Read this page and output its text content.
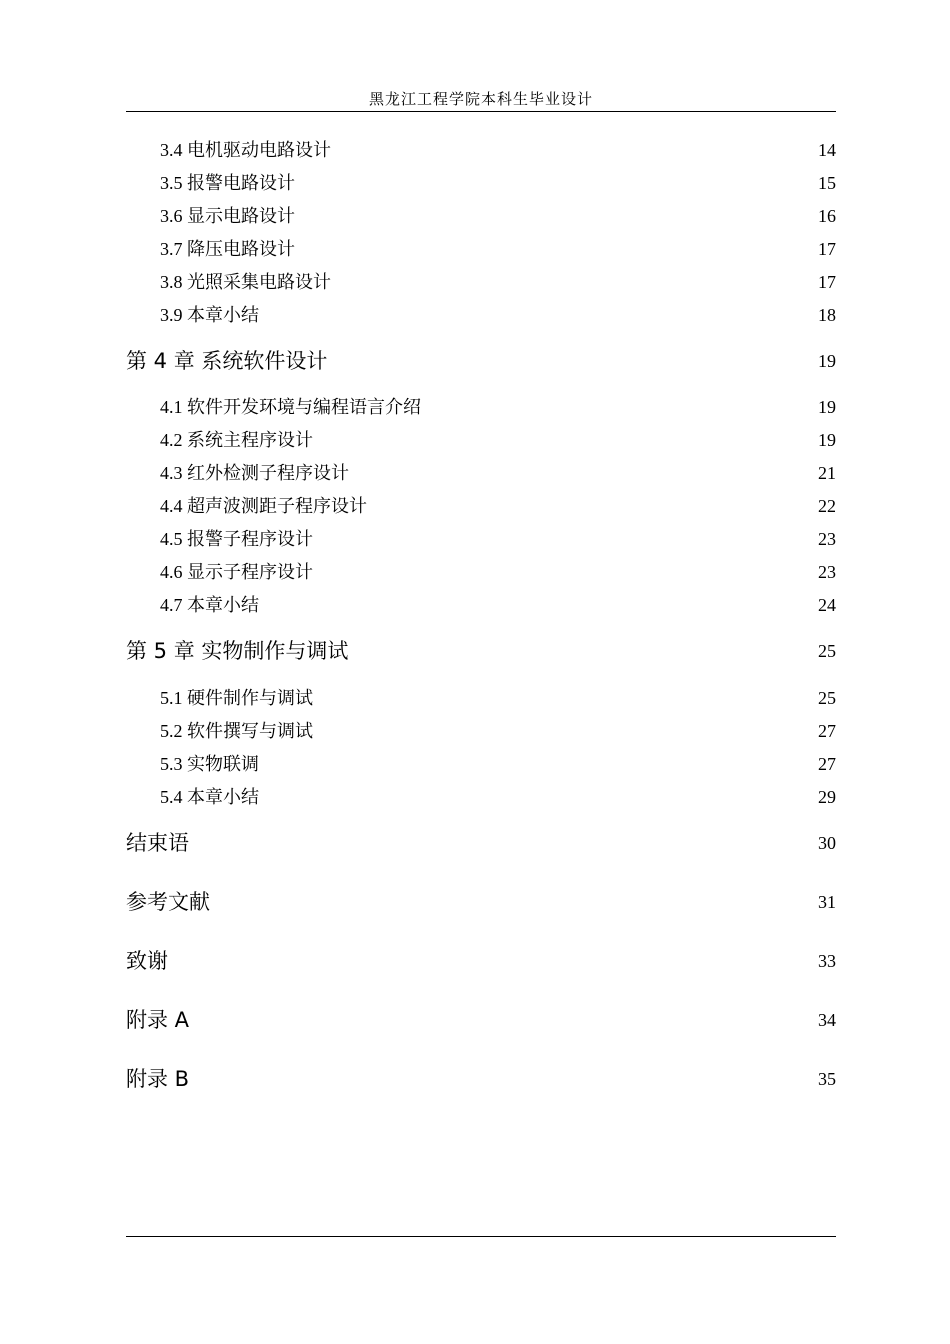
黑龙江工程学院本科生毕业设计
3.4 电机驱动电路设计	14
3.5 报警电路设计	15
3.6 显示电路设计	16
3.7 降压电路设计	17
3.8 光照采集电路设计	17
3.9 本章小结	18
第 4 章 系统软件设计	19
4.1 软件开发环境与编程语言介绍	19
4.2 系统主程序设计	19
4.3 红外检测子程序设计	21
4.4 超声波测距子程序设计	22
4.5 报警子程序设计	23
4.6 显示子程序设计	23
4.7 本章小结	24
第 5 章 实物制作与调试	25
5.1 硬件制作与调试	25
5.2 软件撰写与调试	27
5.3 实物联调	27
5.4 本章小结	29
结束语	30
参考文献	31
致谢	33
附录 A	34
附录 B	35
